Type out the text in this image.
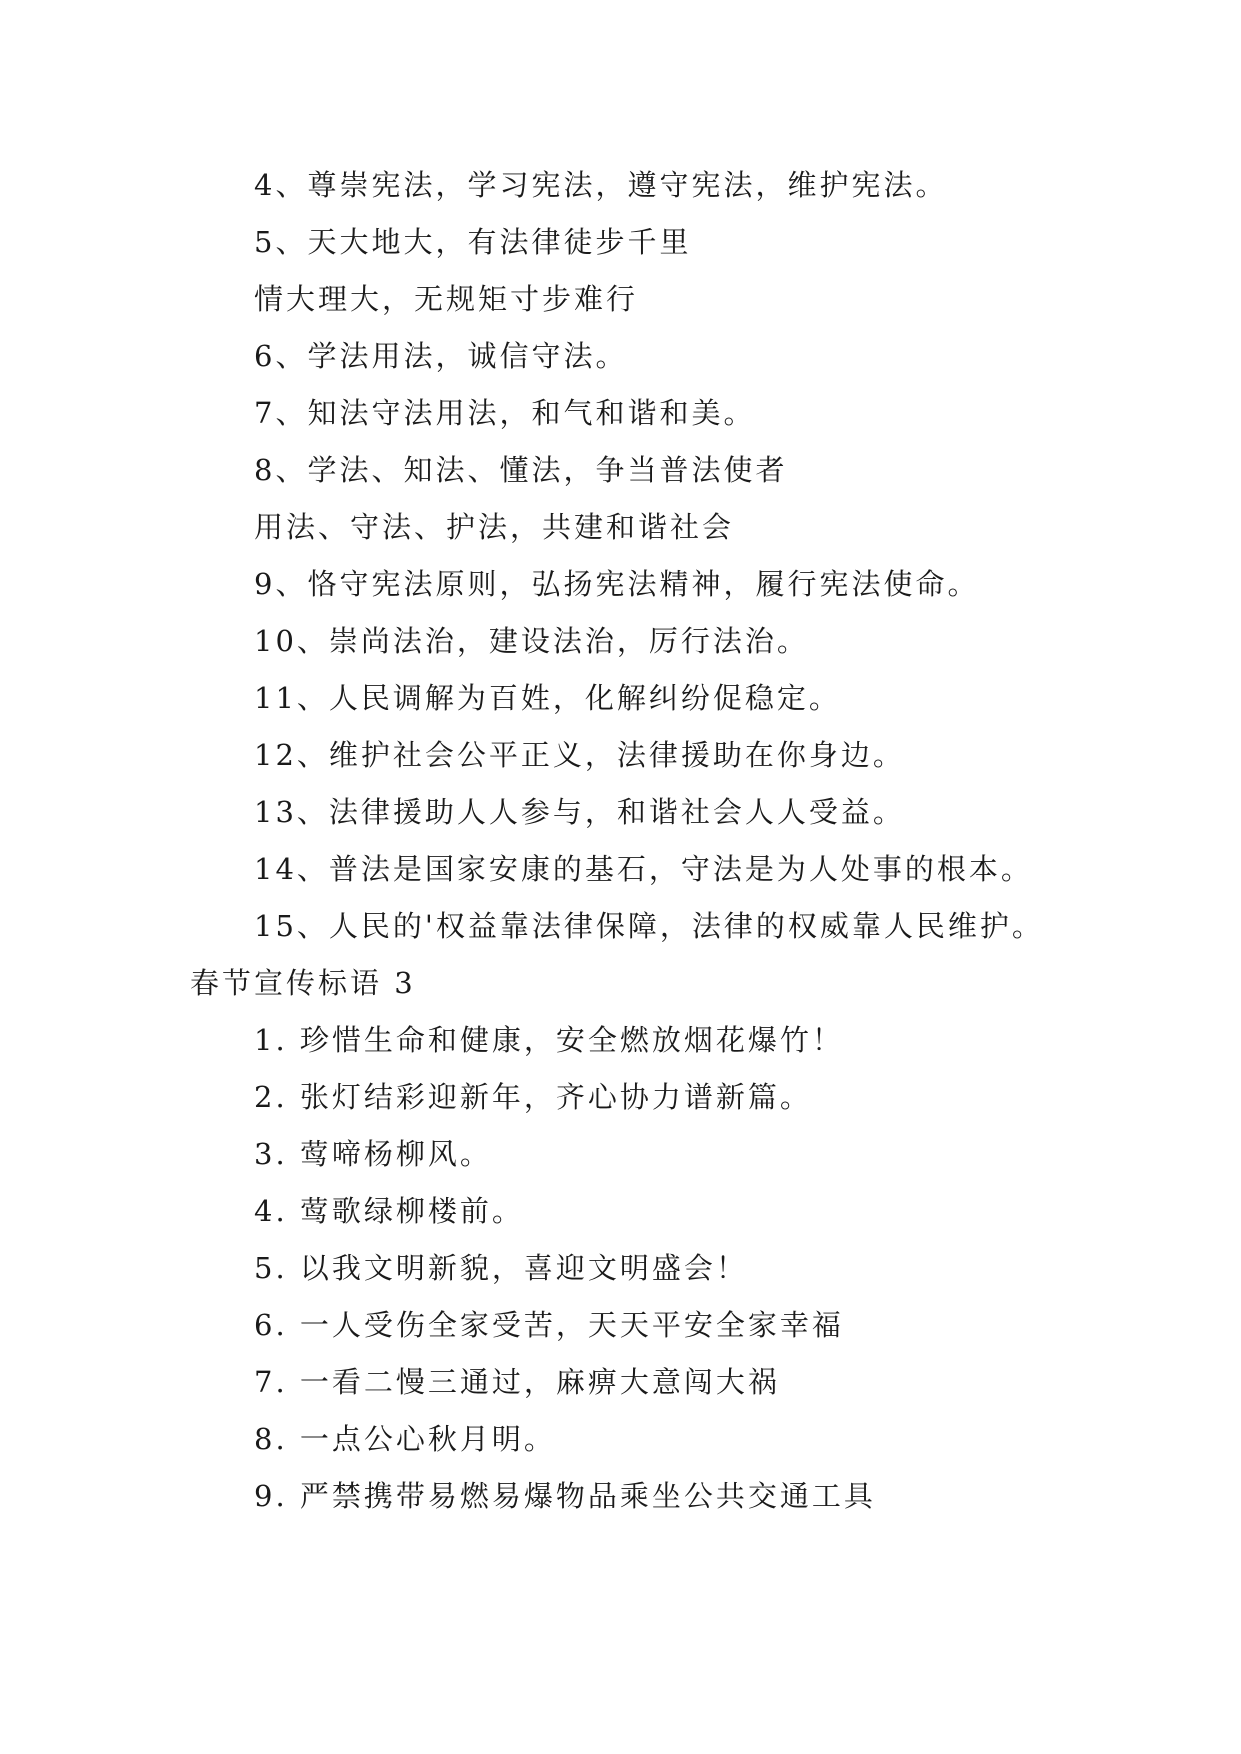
4、尊崇宪法，学习宪法，遵守宪法，维护宪法。
5、天大地大，有法律徒步千里
情大理大，无规矩寸步难行
6、学法用法，诚信守法。
7、知法守法用法，和气和谐和美。
8、学法、知法、懂法，争当普法使者
用法、守法、护法，共建和谐社会
9、恪守宪法原则，弘扬宪法精神，履行宪法使命。
10、崇尚法治，建设法治，厉行法治。
11、人民调解为百姓，化解纠纷促稳定。
12、维护社会公平正义，法律援助在你身边。
13、法律援助人人参与，和谐社会人人受益。
14、普法是国家安康的基石，守法是为人处事的根本。
15、人民的'权益靠法律保障，法律的权威靠人民维护。
春节宣传标语 3
1. 珍惜生命和健康，安全燃放烟花爆竹！
2. 张灯结彩迎新年，齐心协力谱新篇。
3. 莺啼杨柳风。
4. 莺歌绿柳楼前。
5. 以我文明新貌，喜迎文明盛会！
6. 一人受伤全家受苦，天天平安全家幸福
7. 一看二慢三通过，麻痹大意闯大祸
8. 一点公心秋月明。
9. 严禁携带易燃易爆物品乘坐公共交通工具
